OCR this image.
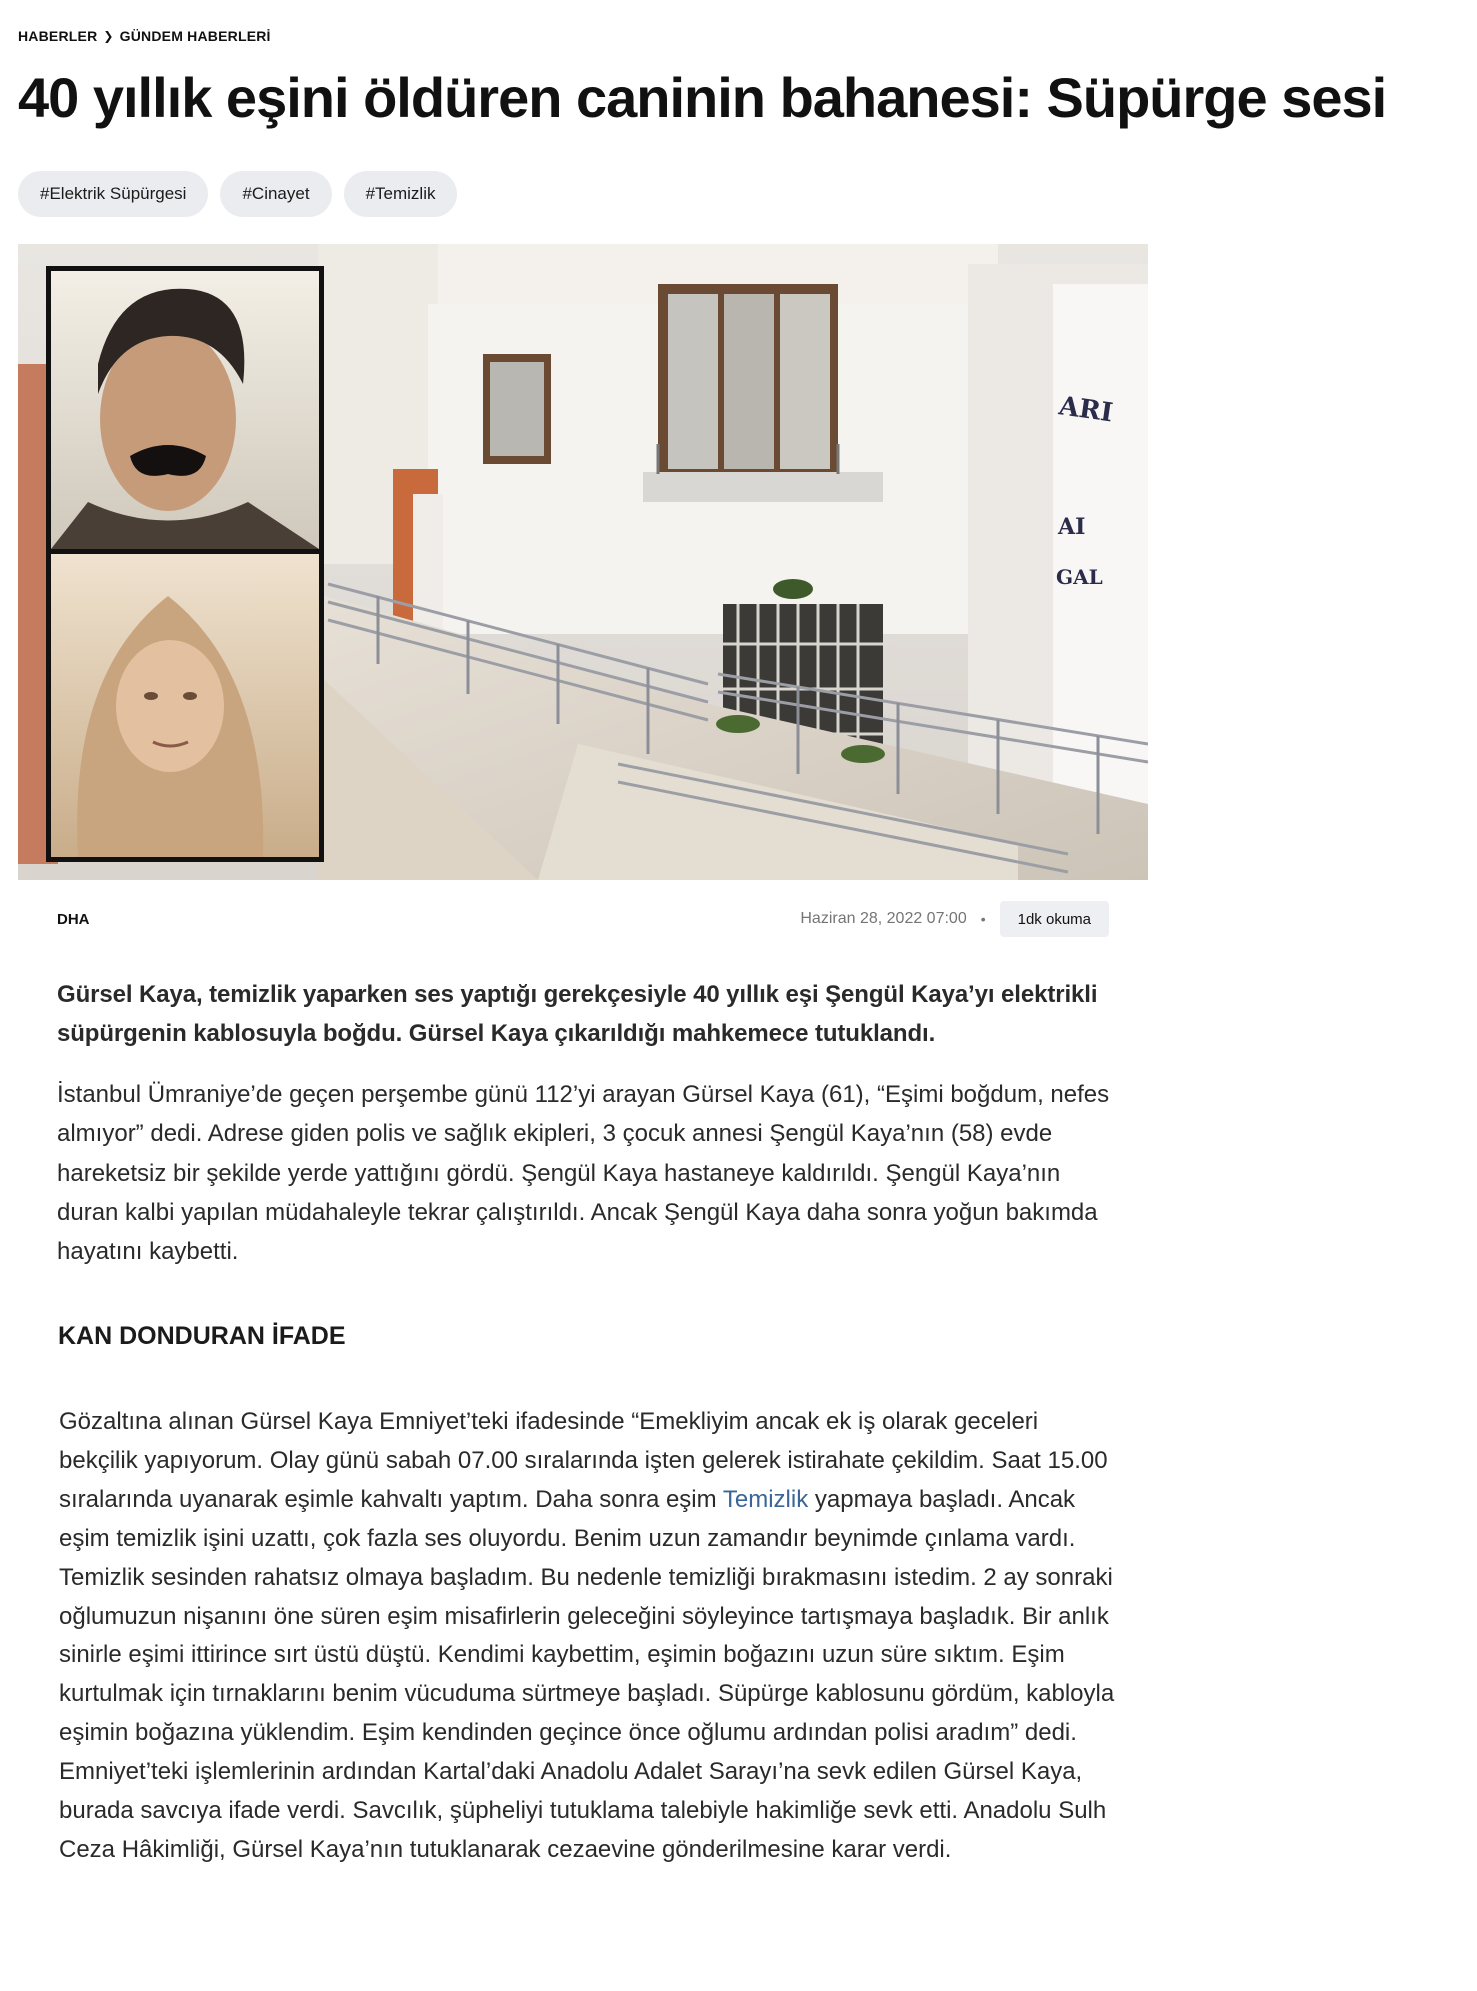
HABERLER ❯ GÜNDEM HABERLERİ
40 yıllık eşini öldüren caninin bahanesi: Süpürge sesi
#Elektrik Süpürgesi	#Cinayet	#Temizlik
ARI
AI
GAL
DHA	Haziran 28, 2022 07:00 •	1dk okuma

Gürsel Kaya, temizlik yaparken ses yaptığı gerekçesiyle 40 yıllık eşi Şengül Kaya’yı elektrikli süpürgenin kablosuyla boğdu. Gürsel Kaya çıkarıldığı mahkemece tutuklandı.

İstanbul Ümraniye’de geçen perşembe günü 112’yi arayan Gürsel Kaya (61), “Eşimi boğdum, nefes almıyor” dedi. Adrese giden polis ve sağlık ekipleri, 3 çocuk annesi Şengül Kaya’nın (58) evde hareketsiz bir şekilde yerde yattığını gördü. Şengül Kaya hastaneye kaldırıldı. Şengül Kaya’nın duran kalbi yapılan müdahaleyle tekrar çalıştırıldı. Ancak Şengül Kaya daha sonra yoğun bakımda hayatını kaybetti.

KAN DONDURAN İFADE

Gözaltına alınan Gürsel Kaya Emniyet’teki ifadesinde “Emekliyim ancak ek iş olarak geceleri bekçilik yapıyorum. Olay günü sabah 07.00 sıralarında işten gelerek istirahate çekildim. Saat 15.00 sıralarında uyanarak eşimle kahvaltı yaptım. Daha sonra eşim Temizlik yapmaya başladı. Ancak eşim temizlik işini uzattı, çok fazla ses oluyordu. Benim uzun zamandır beynimde çınlama vardı. Temizlik sesinden rahatsız olmaya başladım. Bu nedenle temizliği bırakmasını istedim. 2 ay sonraki oğlumuzun nişanını öne süren eşim misafirlerin geleceğini söyleyince tartışmaya başladık. Bir anlık sinirle eşimi ittirince sırt üstü düştü. Kendimi kaybettim, eşimin boğazını uzun süre sıktım. Eşim kurtulmak için tırnaklarını benim vücuduma sürtmeye başladı. Süpürge kablosunu gördüm, kabloyla eşimin boğazına yüklendim. Eşim kendinden geçince önce oğlumu ardından polisi aradım” dedi. Emniyet’teki işlemlerinin ardından Kartal’daki Anadolu Adalet Sarayı’na sevk edilen Gürsel Kaya, burada savcıya ifade verdi. Savcılık, şüpheliyi tutuklama talebiyle hakimliğe sevk etti. Anadolu Sulh Ceza Hâkimliği, Gürsel Kaya’nın tutuklanarak cezaevine gönderilmesine karar verdi.
